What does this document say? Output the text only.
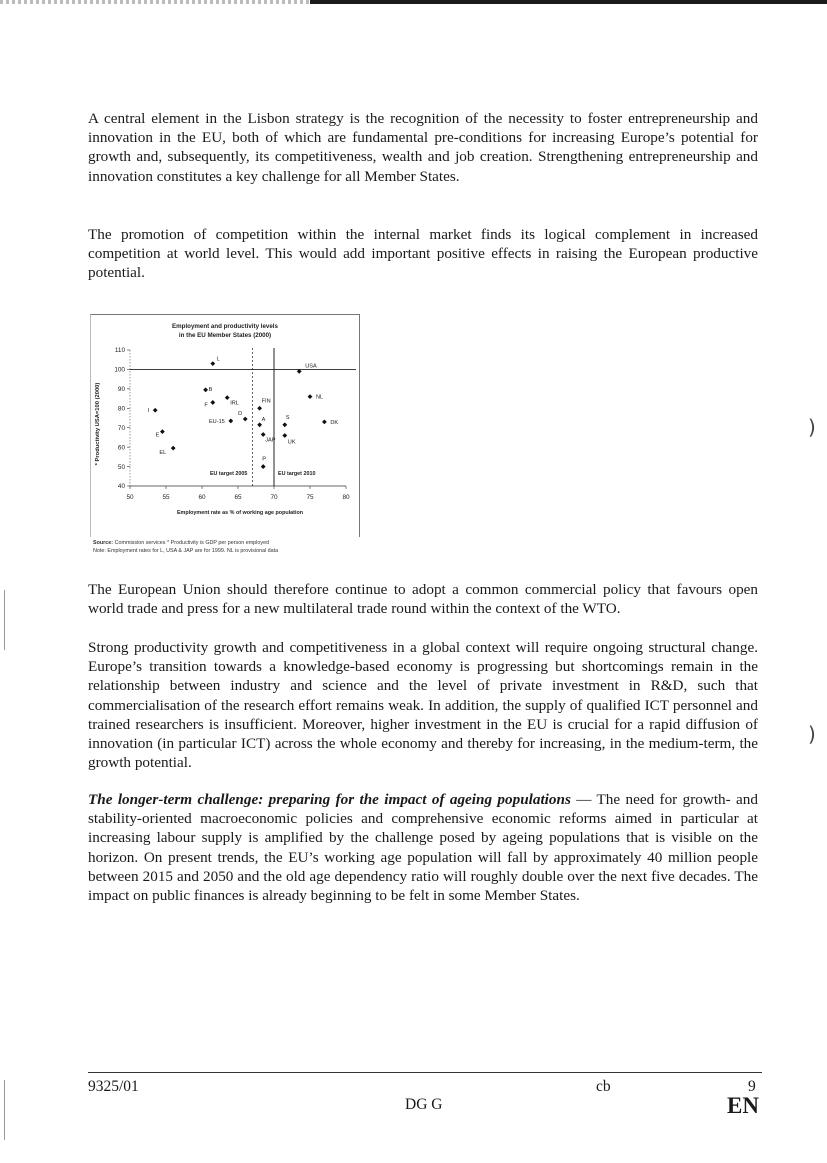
A central element in the Lisbon strategy is the recognition of the necessity to foster entrepreneurship and innovation in the EU, both of which are fundamental pre-conditions for increasing Europe’s potential for growth and, subsequently, its competitiveness, wealth and job creation. Strengthening entrepreneurship and innovation constitutes a key challenge for all Member States.

The promotion of competition within the internal market finds its logical complement in increased competition at world level. This would add important positive effects in raising the European productive potential.

Employment and productivity levels
in the EU Member States (2000)
* Productivity USA=100 (2000)
Employment rate as % of working age population
40
50
60
70
80
90
100
110
50	55	60	65	70	75	80
EU target 2005	EU target 2010
L
USA
B
F	IRL
NL
FIN
I
EU-15
D
A	S
DK
E
JAP UK
EL
P
Source: Commission services * Productivity is GDP per person employed
Note: Employment rates for L, USA & JAP are for 1999. NL is provisional data

The European Union should therefore continue to adopt a common commercial policy that favours open world trade and press for a new multilateral trade round within the context of the WTO.

Strong productivity growth and competitiveness in a global context will require ongoing structural change. Europe’s transition towards a knowledge-based economy is progressing but shortcomings remain in the relationship between industry and science and the level of private investment in R&D, such that commercialisation of the research effort remains weak. In addition, the supply of qualified ICT personnel and trained researchers is insufficient. Moreover, higher investment in the EU is crucial for a rapid diffusion of innovation (in particular ICT) across the whole economy and thereby for increasing, in the medium-term, the growth potential.

The longer-term challenge: preparing for the impact of ageing populations — The need for growth- and stability-oriented macroeconomic policies and comprehensive economic reforms aimed in particular at increasing labour supply is amplified by the challenge posed by ageing populations that is visible on the horizon. On present trends, the EU’s working age population will fall by approximately 40 million people between 2015 and 2050 and the old age dependency ratio will roughly double over the next five decades. The impact on public finances is already beginning to be felt in some Member States.

9325/01	cb	9
DG G	EN
)
)
